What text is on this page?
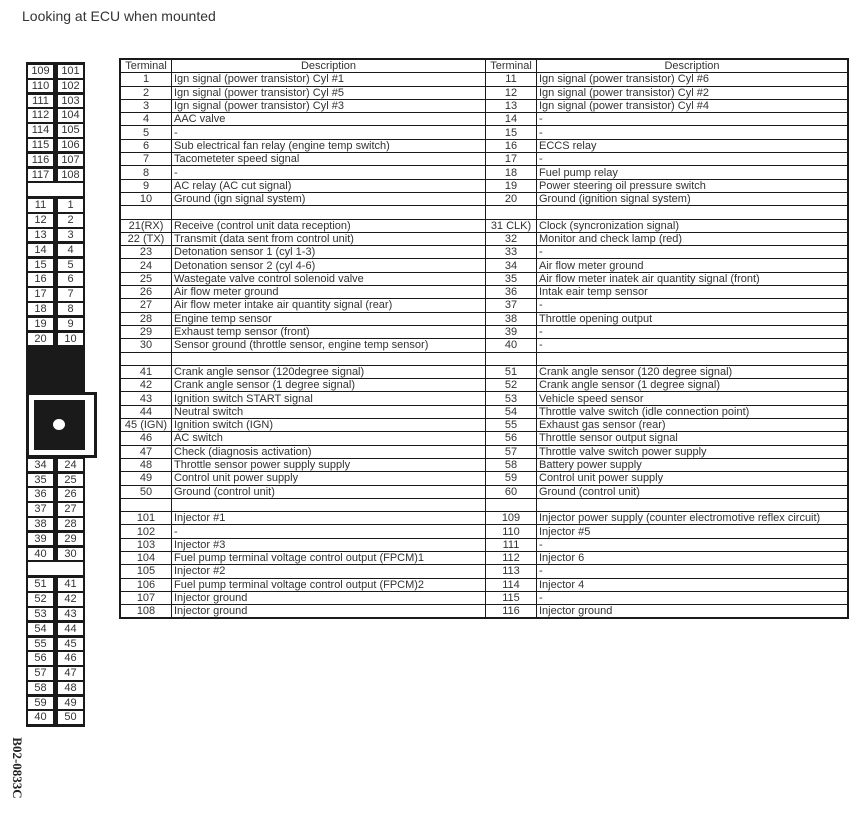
Looking at ECU when mounted
109	101
110	102
111	103
112	104
114	105
115	106
116	107
117	108
11	1
12	2
13	3
14	4
15	5
16	6
17	7
18	8
19	9
20	10
34	24
35	25
36	26
37	27
38	28
39	29
40	30
51	41
52	42
53	43
54	44
55	45
56	46
57	47
58	48
59	49
40	50
B02-0833C
Terminal	Description	Terminal	Description
1	Ign signal (power transistor) Cyl #1	11	Ign signal (power transistor) Cyl #6
2	Ign signal (power transistor) Cyl #5	12	Ign signal (power transistor) Cyl #2
3	Ign signal (power transistor) Cyl #3	13	Ign signal (power transistor) Cyl #4
4	AAC valve	14	-
5	-	15	-
6	Sub electrical fan relay (engine temp switch)	16	ECCS relay
7	Tacometeter speed signal	17	-
8	-	18	Fuel pump relay
9	AC relay (AC cut signal)	19	Power steering oil pressure switch
10	Ground (ign signal system)	20	Ground (ignition signal system)

21(RX)	Receive (control unit data reception)	31 CLK)	Clock (syncronization signal)
22 (TX)	Transmit (data sent from control unit)	32	Monitor and check lamp (red)
23	Detonation sensor 1 (cyl 1-3)	33	-
24	Detonation sensor 2 (cyl 4-6)	34	Air flow meter ground
25	Wastegate valve control solenoid valve	35	Air flow meter inatek air quantity signal (front)
26	Air flow meter ground	36	Intak eair temp sensor
27	Air flow meter intake air quantity signal (rear)	37	-
28	Engine temp sensor	38	Throttle opening output
29	Exhaust temp sensor (front)	39	-
30	Sensor ground (throttle sensor, engine temp sensor)	40	-

41	Crank angle sensor (120degree signal)	51	Crank angle sensor (120 degree signal)
42	Crank angle sensor (1 degree signal)	52	Crank angle sensor (1 degree signal)
43	Ignition switch START signal	53	Vehicle speed sensor
44	Neutral switch	54	Throttle valve switch (idle connection point)
45 (IGN)	Ignition switch (IGN)	55	Exhaust gas sensor (rear)
46	AC switch	56	Throttle sensor output signal
47	Check (diagnosis activation)	57	Throttle valve switch power supply
48	Throttle sensor power supply supply	58	Battery power supply
49	Control unit power supply	59	Control unit power supply
50	Ground (control unit)	60	Ground (control unit)

101	Injector #1	109	Injector power supply (counter electromotive reflex circuit)
102	-	110	Injector #5
103	Injector #3	111	-
104	Fuel pump terminal voltage control output (FPCM)1	112	Injector 6
105	Injector #2	113	-
106	Fuel pump terminal voltage control output (FPCM)2	114	Injector 4
107	Injector ground	115	-
108	Injector ground	116	Injector ground
